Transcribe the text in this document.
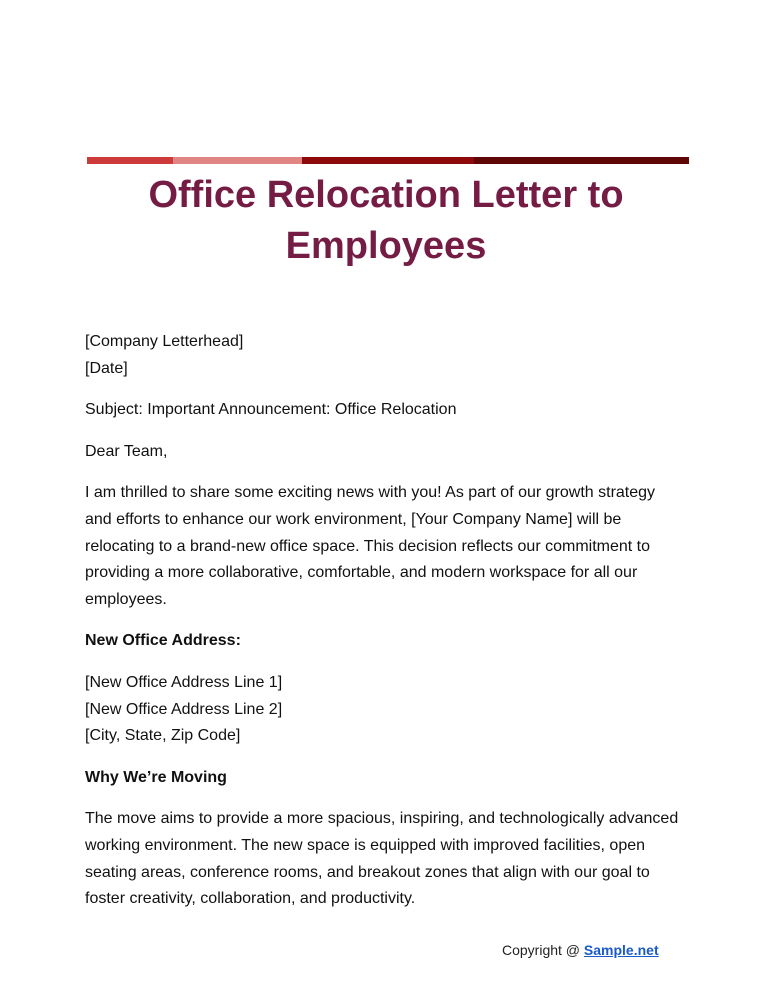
Office Relocation Letter to
Employees

[Company Letterhead]

[Date]

Subject: Important Announcement: Office Relocation

Dear Team,

I am thrilled to share some exciting news with you! As part of our growth strategy and efforts to enhance our work environment, [Your Company Name] will be relocating to a brand-new office space. This decision reflects our commitment to providing a more collaborative, comfortable, and modern workspace for all our employees.

New Office Address:

[New Office Address Line 1]

[New Office Address Line 2]

[City, State, Zip Code]

Why We’re Moving

The move aims to provide a more spacious, inspiring, and technologically advanced working environment. The new space is equipped with improved facilities, open seating areas, conference rooms, and breakout zones that align with our goal to foster creativity, collaboration, and productivity.

Copyright @ Sample.net
